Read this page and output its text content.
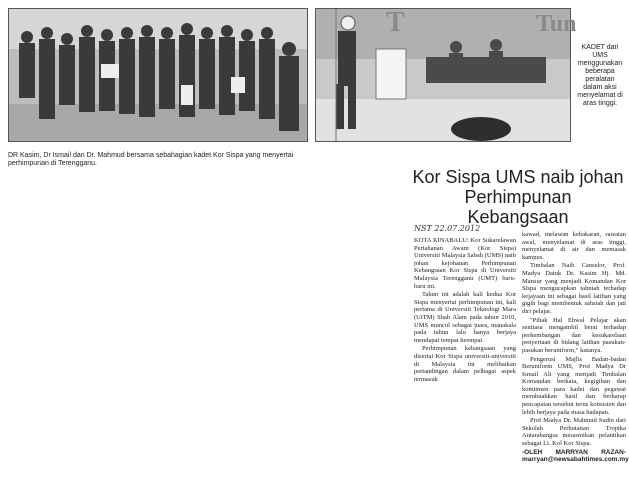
T	Tun
DR Kasim, Dr Ismail dan Dr. Mahmud bersama sebahagian kadet Kor Sispa yang menyertai perhimpunan di Terengganu.
KADET dari UMS menggunakan beberapa peralatan dalam aksi menyelamat di aras tinggi.
Kor Sispa UMS naib johan Perhimpunan Kebangsaan
NST 22.07.2012

KOTA KINABALU: Kor Sukarelawan Pertahanan Awam (Kor Sispa) Universiti Malaysia Sabah (UMS) naib johan kejohanan Perhimpunan Kebangsaan Kor Sispa di Universiti Malaysia Terengganu (UMT) baru-baru ini.

Tahun ini adalah kali kedua Kor Sispa menyertai perhimpunan ini, kali pertama di Universiti Teknologi Mara (UiTM) Shah Alam pada tahun 2010, UMS muncul sebagai juara, manakala pada tahun lalu hanya berjaya mendapat tempat keempat.

Perhimpunan kebangsaan yang disertai Kor Sispa universiti-universiti di Malaysia ini melibatkan pertandingan dalam pelbagai aspek termasuk

kawad, melawan kebakaran, rawatan awal, menyelamat di aras tinggi, menyelamat di air dan memasak kampus.

Timbalan Naib Canselor, Prof. Madya Datuk Dr. Kasim Hj. Md. Mansur yang menjadi Komandan Kor Sispa mengucapkan tahniah terhadap kejayaan ini sebagai hasil latihan yang gigih bagi membentuk sahsiah dan jati diri pelajar.

"Pihak Hal Ehwal Pelajar akan sentiasa mengambil berat terhadap perkembangan dan kesukarelaan penyertaan di bidang latihan pasukan-pasukan beruniform," katanya.

Pengerusi Majlis Badan-badan Beruniform UMS, Prof Madya Dr Ismail Ali yang menjadi Timbalan Komandan berkata, kegigihan dan komitmen para kadet dan pegawai membuahkan hasil dan berharap pencapaian tersebut terus konsisten dan lebih berjaya pada masa hadapan.

Prof Madya Dr. Mahmud Sudin dari Sekolah Perhutanan Tropika Antarabangsa merasmikan pelantikan sebagai Lt. Kol Kor Sispa.

-OLEH MARRYAN RAZAN-marryan@newsabahtimes.com.my
